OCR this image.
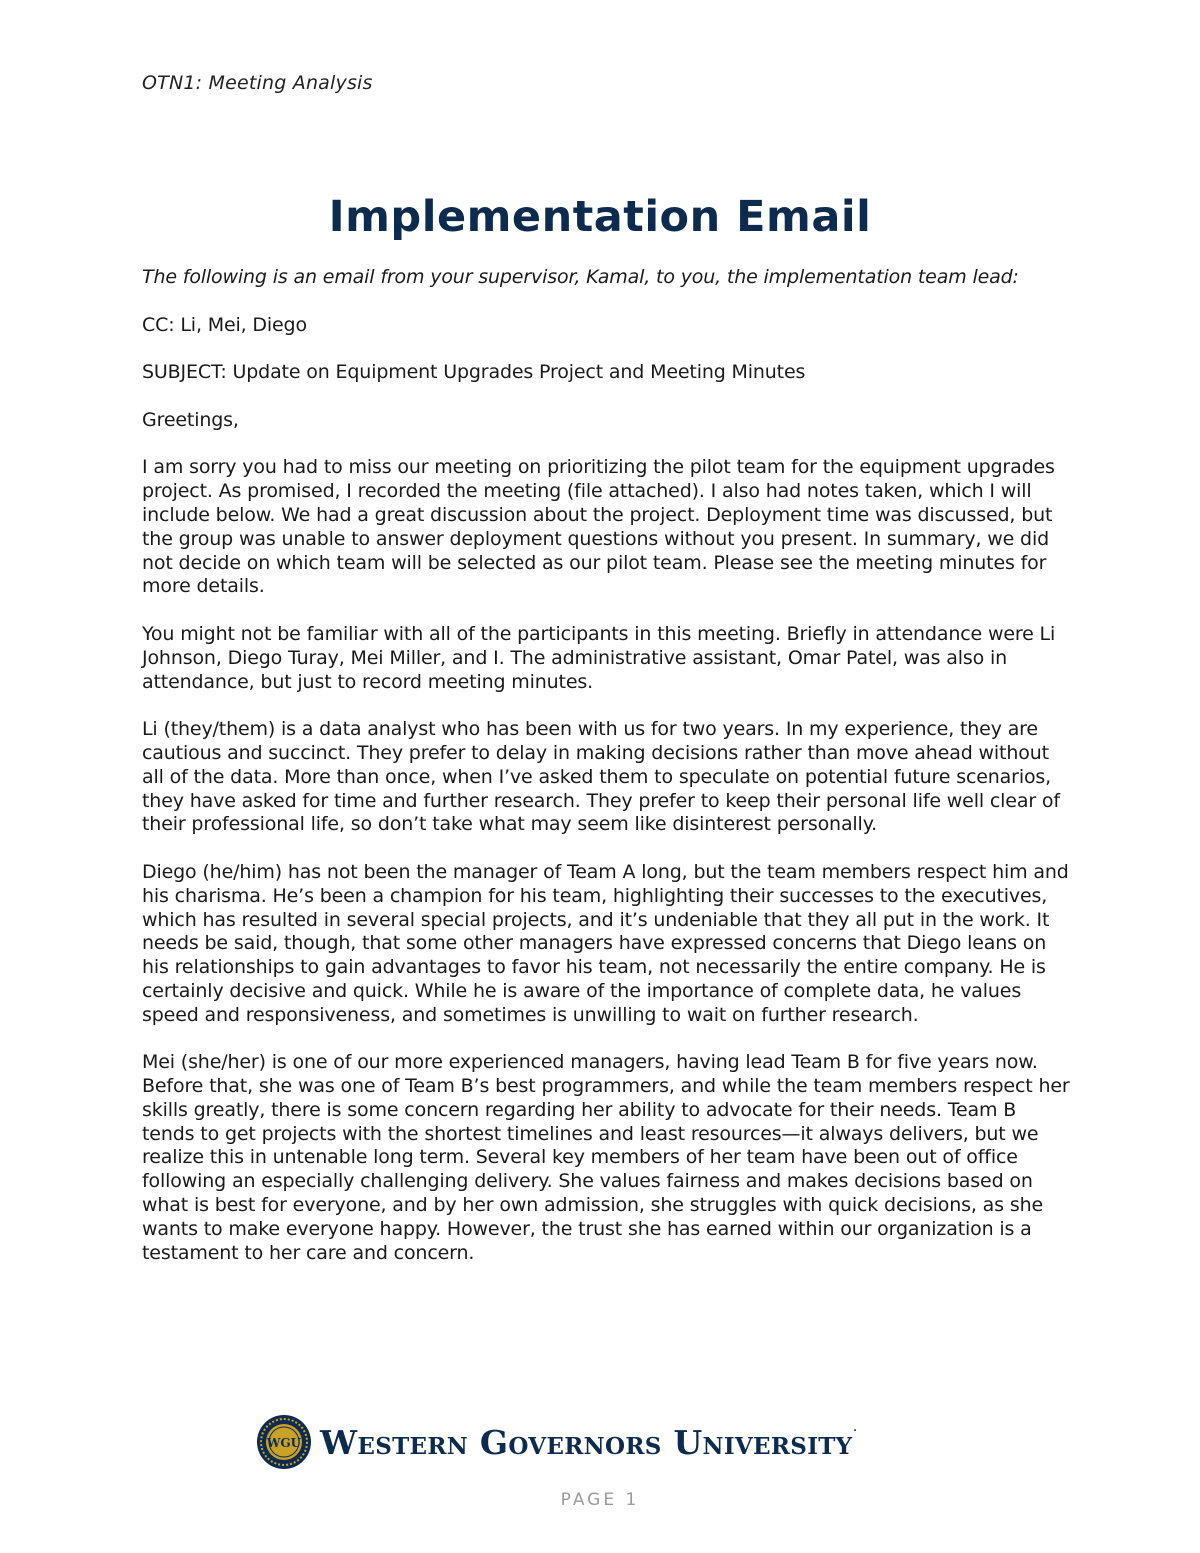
OTN1: Meeting Analysis
Implementation Email

The following is an email from your supervisor, Kamal, to you, the implementation team lead:

CC: Li, Mei, Diego

SUBJECT: Update on Equipment Upgrades Project and Meeting Minutes

Greetings,

I am sorry you had to miss our meeting on prioritizing the pilot team for the equipment upgrades project. As promised, I recorded the meeting (file attached). I also had notes taken, which I will include below. We had a great discussion about the project. Deployment time was discussed, but the group was unable to answer deployment questions without you present. In summary, we did not decide on which team will be selected as our pilot team. Please see the meeting minutes for more details.

You might not be familiar with all of the participants in this meeting. Briefly in attendance were Li Johnson, Diego Turay, Mei Miller, and I. The administrative assistant, Omar Patel, was also in attendance, but just to record meeting minutes.

Li (they/them) is a data analyst who has been with us for two years. In my experience, they are cautious and succinct. They prefer to delay in making decisions rather than move ahead without all of the data. More than once, when I’ve asked them to speculate on potential future scenarios, they have asked for time and further research. They prefer to keep their personal life well clear of their professional life, so don’t take what may seem like disinterest personally.

Diego (he/him) has not been the manager of Team A long, but the team members respect him and his charisma. He’s been a champion for his team, highlighting their successes to the executives, which has resulted in several special projects, and it’s undeniable that they all put in the work. It needs be said, though, that some other managers have expressed concerns that Diego leans on his relationships to gain advantages to favor his team, not necessarily the entire company. He is certainly decisive and quick. While he is aware of the importance of complete data, he values speed and responsiveness, and sometimes is unwilling to wait on further research.

Mei (she/her) is one of our more experienced managers, having lead Team B for five years now. Before that, she was one of Team B’s best programmers, and while the team members respect her skills greatly, there is some concern regarding her ability to advocate for their needs. Team B tends to get projects with the shortest timelines and least resources—it always delivers, but we realize this in untenable long term. Several key members of her team have been out of office following an especially challenging delivery. She values fairness and makes decisions based on what is best for everyone, and by her own admission, she struggles with quick decisions, as she wants to make everyone happy. However, the trust she has earned within our organization is a testament to her care and concern.

WGU Western Governors University.
PAGE 1
